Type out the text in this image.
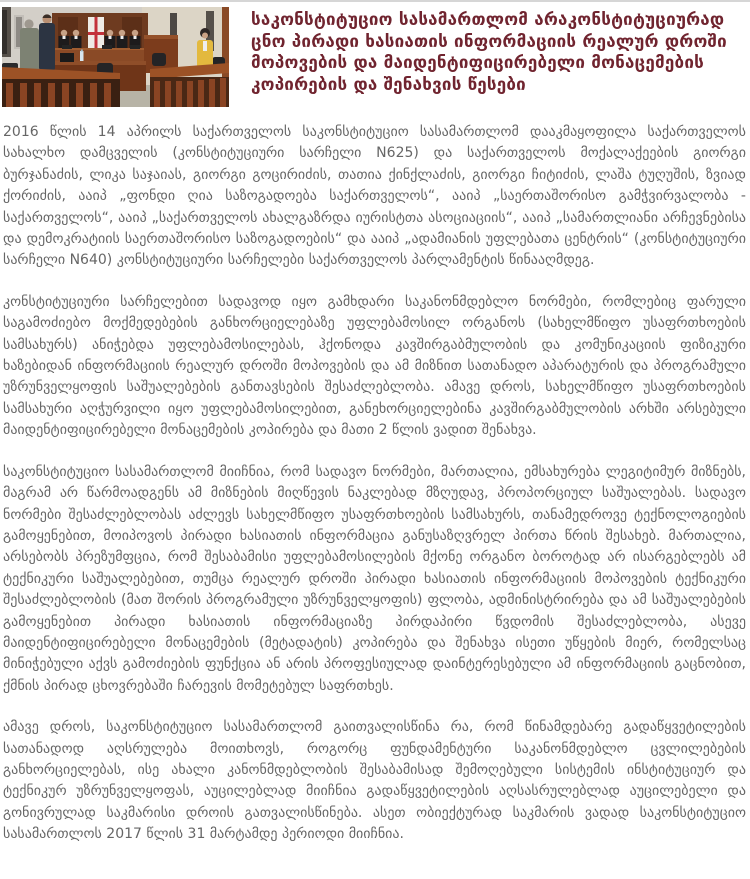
საკონსტიტუციო სასამართლომ არაკონსტიტუციურად ცნო პირადი ხასიათის ინფორმაციის რეალურ დროში მოპოვების და მაიდენტიფიცირებელი მონაცემების კოპირების და შენახვის წესები

2016 წლის 14 აპრილს საქართველოს საკონსტიტუციო სასამართლომ დააკმაყოფილა საქართველოს სახალხო დამცველის (კონსტიტუციური სარჩელი N625) და საქართველოს მოქალაქეების გიორგი ბურჯანაძის, ლიკა საჯაიას, გიორგი გოცირიძის, თათია ქინქლაძის, გიორგი ჩიტიძის, ლაშა ტუღუშის, ზვიად ქორიძის, ააიპ „ფონდი ღია საზოგადოება საქართველოს“, ააიპ „საერთაშორისო გამჭვირვალობა - საქართველოს“, ააიპ „საქართველოს ახალგაზრდა იურისტთა ასოციაციის“, ააიპ „სამართლიანი არჩევნებისა და დემოკრატიის საერთაშორისო საზოგადოების“ და ააიპ „ადამიანის უფლებათა ცენტრის“ (კონსტიტუციური სარჩელი N640) კონსტიტუციური სარჩელები საქართველოს პარლამენტის წინააღმდეგ.

კონსტიტუციური სარჩელებით სადავოდ იყო გამხდარი საკანონმდებლო ნორმები, რომლებიც ფარული საგამოძიებო მოქმედებების განხორციელებაზე უფლებამოსილ ორგანოს (სახელმწიფო უსაფრთხოების სამსახურს) ანიჭებდა უფლებამოსილებას, ჰქონოდა კავშირგაბმულობის და კომუნიკაციის ფიზიკური ხაზებიდან ინფორმაციის რეალურ დროში მოპოვების და ამ მიზნით სათანადო აპარატურის და პროგრამული უზრუნველყოფის საშუალებების განთავსების შესაძლებლობა. ამავე დროს, სახელმწიფო უსაფრთხოების სამსახური აღჭურვილი იყო უფლებამოსილებით, განეხორციელებინა კავშირგაბმულობის არხში არსებული მაიდენტიფიცირებელი მონაცემების კოპირება და მათი 2 წლის ვადით შენახვა.

საკონსტიტუციო სასამართლომ მიიჩნია, რომ სადავო ნორმები, მართალია, ემსახურება ლეგიტიმურ მიზნებს, მაგრამ არ წარმოადგენს ამ მიზნების მიღწევის ნაკლებად მზღუდავ, პროპორციულ საშუალებას. სადავო ნორმები შესაძლებლობას აძლევს სახელმწიფო უსაფრთხოების სამსახურს, თანამედროვე ტექნოლოგიების გამოყენებით, მოიპოვოს პირადი ხასიათის ინფორმაცია განუსაზღვრელ პირთა წრის შესახებ. მართალია, არსებობს პრეზუმფცია, რომ შესაბამისი უფლებამოსილების მქონე ორგანო ბოროტად არ ისარგებლებს ამ ტექნიკური საშუალებებით, თუმცა რეალურ დროში პირადი ხასიათის ინფორმაციის მოპოვების ტექნიკური შესაძლებლობის (მათ შორის პროგრამული უზრუნველყოფის) ფლობა, ადმინისტრირება და ამ საშუალებების გამოყენებით პირადი ხასიათის ინფორმაციაზე პირდაპირი წვდომის შესაძლებლობა, ასევე მაიდენტიფიცირებელი მონაცემების (მეტადატის) კოპირება და შენახვა ისეთი უწყების მიერ, რომელსაც მინიჭებული აქვს გამოძიების ფუნქცია ან არის პროფესიულად დაინტერესებული ამ ინფორმაციის გაცნობით, ქმნის პირად ცხოვრებაში ჩარევის მომეტებულ საფრთხეს.

ამავე დროს, საკონსტიტუციო სასამართლომ გაითვალისწინა რა, რომ წინამდებარე გადაწყვეტილების სათანადოდ აღსრულება მოითხოვს, როგორც ფუნდამენტური საკანონმდებლო ცვლილებების განხორციელებას, ისე ახალი კანონმდებლობის შესაბამისად შემოღებული სისტემის ინსტიტუციურ და ტექნიკურ უზრუნველყოფას, აუცილებლად მიიჩნია გადაწყვეტილების აღსასრულებლად აუცილებელი და გონივრულად საკმარისი დროის გათვალისწინება. ასეთ ობიექტურად საკმარის ვადად საკონსტიტუციო სასამართლოს 2017 წლის 31 მარტამდე პერიოდი მიიჩნია.
